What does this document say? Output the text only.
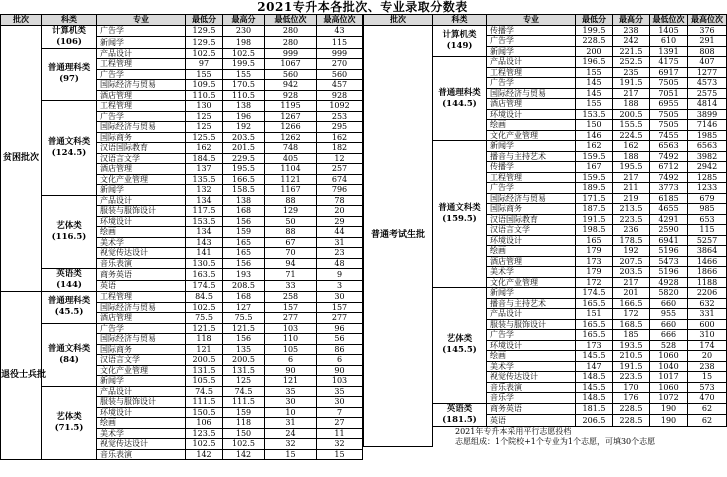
2021专升本各批次、专业录取分数表
批次	科类	专业	最低分	最高分	最低位次	最高位次
贫困批次	计算机类
(106)	广告学	129.5	230	280	43
		新闻学	129.5	198	280	115
	普通理科类
(97)	产品设计	102.5	102.5	999	999
		工程管理	97	199.5	1067	270
		广告学	155	155	560	560
		国际经济与贸易	109.5	170.5	942	457
		酒店管理	110.5	110.5	928	928
	普通文科类
(124.5)	工程管理	130	138	1195	1092
		广告学	125	196	1267	253
		国际经济与贸易	125	192	1266	295
		国际商务	125.5	203.5	1262	162
		汉语国际教育	162	201.5	748	182
		汉语言文学	184.5	229.5	405	12
		酒店管理	137	195.5	1104	257
		文化产业管理	135.5	166.5	1121	674
		新闻学	132	158.5	1167	796
	艺体类
(116.5)	产品设计	134	138	88	78
		服装与服饰设计	117.5	168	129	20
		环境设计	153.5	156	50	29
		绘画	134	159	88	44
		美术学	143	165	67	31
		视觉传达设计	141	165	70	23
		音乐表演	130.5	156	94	48
	英语类
(144)	商务英语	163.5	193	71	9
		英语	174.5	208.5	33	3
退役士兵批	普通理科类
(45.5)	工程管理	84.5	168	258	30
		国际经济与贸易	102.5	127	157	157
		酒店管理	75.5	75.5	277	277
	普通文科类
(84)	广告学	121.5	121.5	103	96
		国际经济与贸易	118	156	110	56
		国际商务	121	135	105	86
		汉语言文学	200.5	200.5	6	6
		文化产业管理	131.5	131.5	90	90
		新闻学	105.5	125	121	103
	艺体类
(71.5)	产品设计	74.5	74.5	35	35
		服装与服饰设计	111.5	111.5	30	30
		环境设计	150.5	159	10	7
		绘画	106	118	31	27
		美术学	123.5	150	24	11
		视觉传达设计	102.5	102.5	32	32
		音乐表演	142	142	15	15
批次	科类	专业	最低分	最高分	最低位次	最高位次
普通考试生批	计算机类
(149)	传播学	199.5	238	1405	376
		广告学	228.5	242	610	291
		新闻学	200	221.5	1391	808
	普通理科类
(144.5)	产品设计	196.5	252.5	4175	407
		工程管理	155	235	6917	1277
		广告学	145	191.5	7505	4573
		国际经济与贸易	145	217	7051	2575
		酒店管理	155	188	6955	4814
		环境设计	153.5	200.5	7505	3899
		绘画	150	155.5	7505	7146
		文化产业管理	146	224.5	7455	1985
	普通文科类
(159.5)	新闻学	162	162	6563	6563
		播音与主持艺术	159.5	188	7492	3982
		传播学	167	195.5	6712	2942
		工程管理	159.5	217	7492	1285
		广告学	189.5	211	3773	1233
		国际经济与贸易	171.5	219	6185	679
		国际商务	187.5	213.5	4655	985
		汉语国际教育	191.5	223.5	4291	653
		汉语言文学	198.5	236	2590	115
		环境设计	165	178.5	6941	5257
		绘画	179	192	5196	3864
		酒店管理	173	207.5	5473	1466
		美术学	179	203.5	5196	1866
		文化产业管理	172	217	4928	1188
	艺体类
(145.5)	新闻学	174.5	201	5820	2206
		播音与主持艺术	165.5	166.5	660	632
		产品设计	151	172	955	331
		服装与服饰设计	165.5	168.5	660	600
		广告学	165.5	185	666	310
		环境设计	173	193.5	528	174
		绘画	145.5	210.5	1060	20
		美术学	147	191.5	1040	238
		视觉传达设计	148.5	223.5	1017	15
		音乐表演	145.5	170	1060	573
		音乐学	148.5	176	1072	470
	英语类
(181.5)	商务英语	181.5	228.5	190	62
		英语	206.5	228.5	190	62
	2021年专升本采用平行志愿投档					
	志愿组成：1个院校+1个专业为1个志愿，可填30个志愿					
